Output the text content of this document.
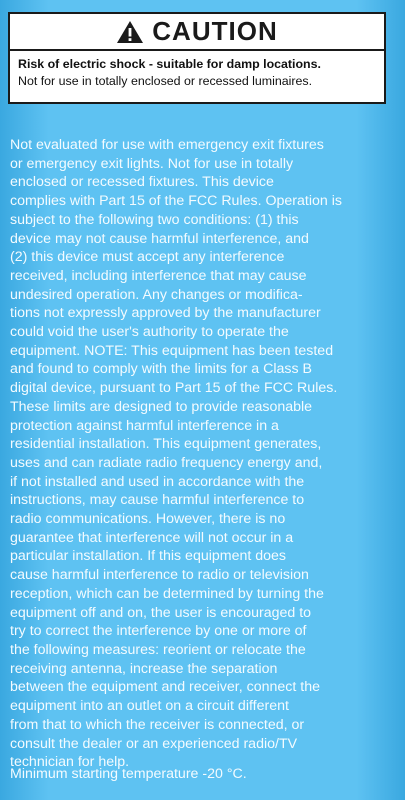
CAUTION
Risk of electric shock - suitable for damp locations.
Not for use in totally enclosed or recessed luminaires.
Not evaluated for use with emergency exit fixtures
or emergency exit lights. Not for use in totally
enclosed or recessed fixtures. This device
complies with Part 15 of the FCC Rules. Operation is
subject to the following two conditions: (1) this
device may not cause harmful interference, and
(2) this device must accept any interference
received, including interference that may cause
undesired operation. Any changes or modifica-
tions not expressly approved by the manufacturer
could void the user's authority to operate the
equipment. NOTE: This equipment has been tested
and found to comply with the limits for a Class B
digital device, pursuant to Part 15 of the FCC Rules.
These limits are designed to provide reasonable
protection against harmful interference in a
residential installation. This equipment generates,
uses and can radiate radio frequency energy and,
if not installed and used in accordance with the
instructions, may cause harmful interference to
radio communications. However, there is no
guarantee that interference will not occur in a
particular installation. If this equipment does
cause harmful interference to radio or television
reception, which can be determined by turning the
equipment off and on, the user is encouraged to
try to correct the interference by one or more of
the following measures: reorient or relocate the
receiving antenna, increase the separation
between the equipment and receiver, connect the
equipment into an outlet on a circuit different
from that to which the receiver is connected, or
consult the dealer or an experienced radio/TV
technician for help.
Minimum starting temperature -20 °C.
